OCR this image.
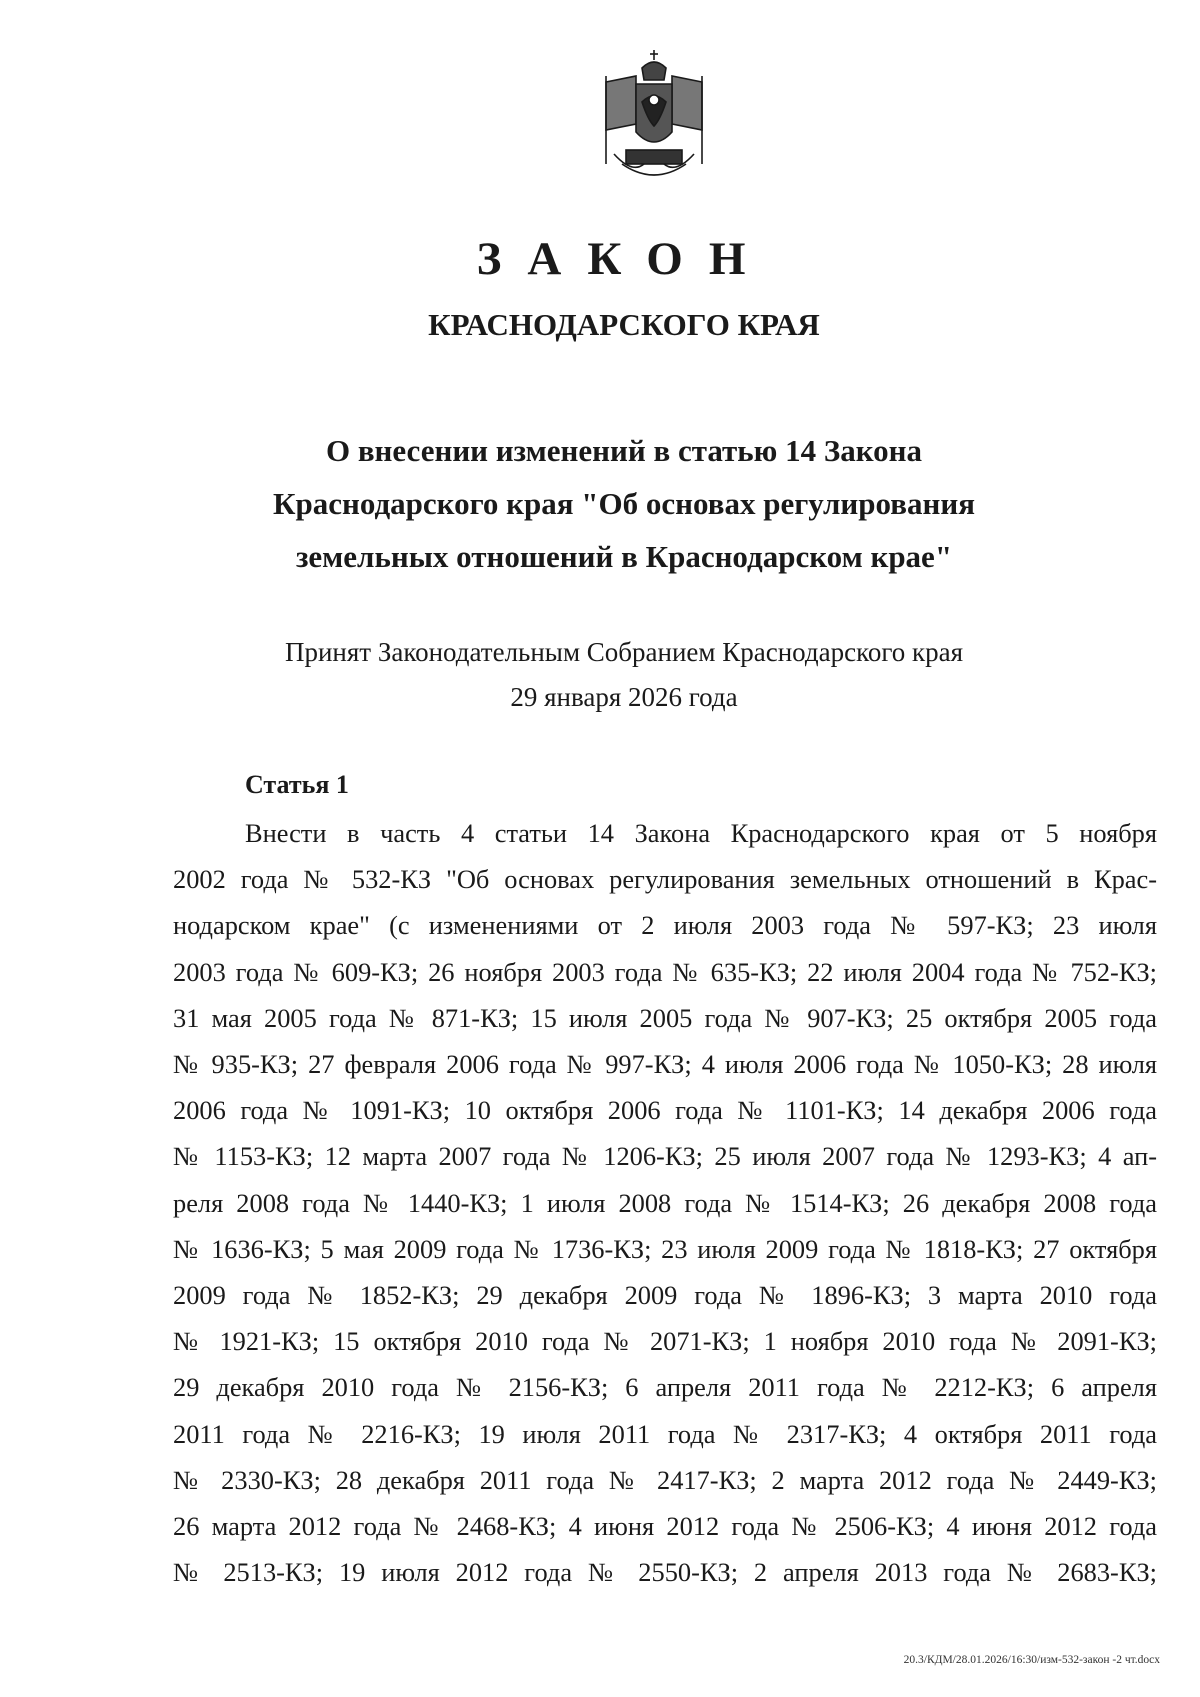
ЗАКОН
КРАСНОДАРСКОГО КРАЯ
О внесении изменений в статью 14 Закона
Краснодарского края "Об основах регулирования
земельных отношений в Краснодарском крае"
Принят Законодательным Собранием Краснодарского края
29 января 2026 года
Статья 1
Внести в часть 4 статьи 14 Закона Краснодарского края от 5 ноября
2002 года № 532-КЗ "Об основах регулирования земельных отношений в Крас-
нодарском крае" (с изменениями от 2 июля 2003 года № 597-КЗ; 23 июля
2003 года № 609-КЗ; 26 ноября 2003 года № 635-КЗ; 22 июля 2004 года № 752-КЗ;
31 мая 2005 года № 871-КЗ; 15 июля 2005 года № 907-КЗ; 25 октября 2005 года
№ 935-КЗ; 27 февраля 2006 года № 997-КЗ; 4 июля 2006 года № 1050-КЗ; 28 июля
2006 года № 1091-КЗ; 10 октября 2006 года № 1101-КЗ; 14 декабря 2006 года
№ 1153-КЗ; 12 марта 2007 года № 1206-КЗ; 25 июля 2007 года № 1293-КЗ; 4 ап-
реля 2008 года № 1440-КЗ; 1 июля 2008 года № 1514-КЗ; 26 декабря 2008 года
№ 1636-КЗ; 5 мая 2009 года № 1736-КЗ; 23 июля 2009 года № 1818-КЗ; 27 октября
2009 года № 1852-КЗ; 29 декабря 2009 года № 1896-КЗ; 3 марта 2010 года
№ 1921-КЗ; 15 октября 2010 года № 2071-КЗ; 1 ноября 2010 года № 2091-КЗ;
29 декабря 2010 года № 2156-КЗ; 6 апреля 2011 года № 2212-КЗ; 6 апреля
2011 года № 2216-КЗ; 19 июля 2011 года № 2317-КЗ; 4 октября 2011 года
№ 2330-КЗ; 28 декабря 2011 года № 2417-КЗ; 2 марта 2012 года № 2449-КЗ;
26 марта 2012 года № 2468-КЗ; 4 июня 2012 года № 2506-КЗ; 4 июня 2012 года
№ 2513-КЗ; 19 июля 2012 года № 2550-КЗ; 2 апреля 2013 года № 2683-КЗ;
20.3/КДМ/28.01.2026/16:30/изм-532-закон -2 чт.docx
